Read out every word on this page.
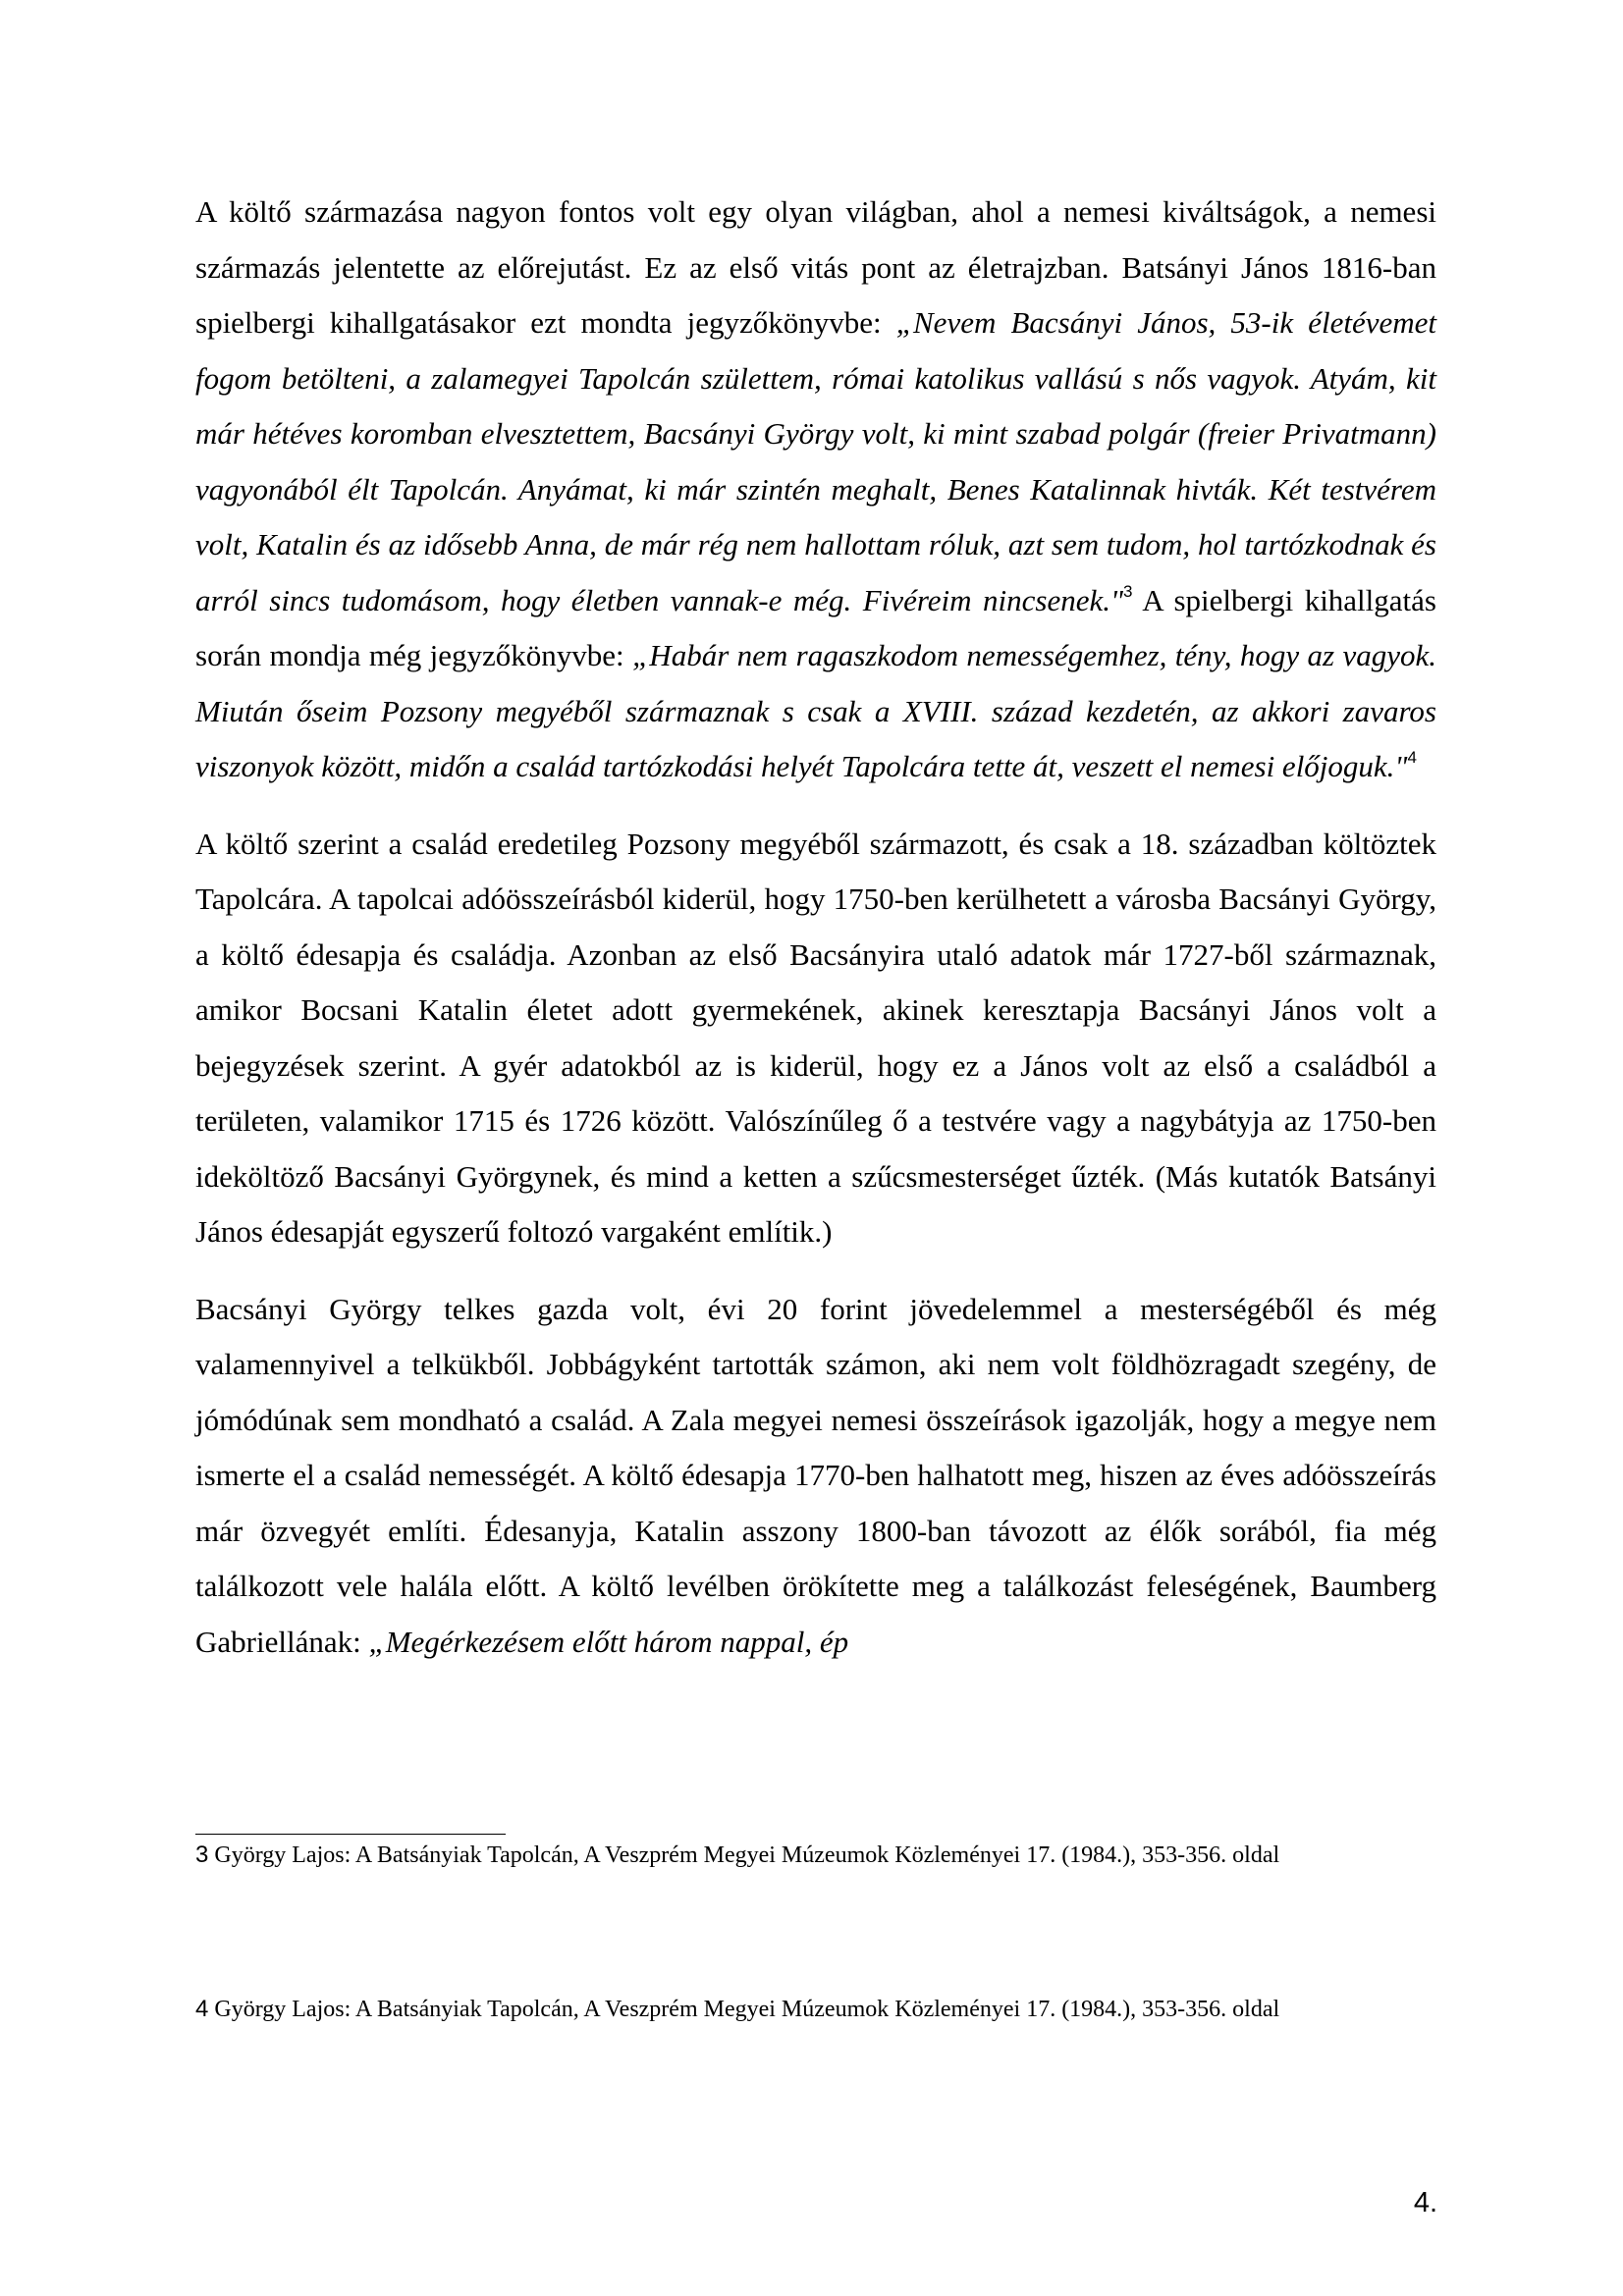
A költő származása nagyon fontos volt egy olyan világban, ahol a nemesi kiváltságok, a nemesi származás jelentette az előrejutást. Ez az első vitás pont az életrajzban. Batsányi János 1816-ban spielbergi kihallgatásakor ezt mondta jegyzőkönyvbe: „Nevem Bacsányi János, 53-ik életévemet fogom betölteni, a zalamegyei Tapolcán születtem, római katolikus vallású s nős vagyok. Atyám, kit már hétéves koromban elvesztettem, Bacsányi György volt, ki mint szabad polgár (freier Privatmann) vagyonából élt Tapolcán. Anyámat, ki már szintén meghalt, Benes Katalinnak hivták. Két testvérem volt, Katalin és az idősebb Anna, de már rég nem hallottam róluk, azt sem tudom, hol tartózkodnak és arról sincs tudomásom, hogy életben vannak-e még. Fivéreim nincsenek."$^3$ A spielbergi kihallgatás során mondja még jegyzőkönyvbe: „Habár nem ragaszkodom nemességemhez, tény, hogy az vagyok. Miután őseim Pozsony megyéből származnak s csak a XVIII. század kezdetén, az akkori zavaros viszonyok között, midőn a család tartózkodási helyét Tapolcára tette át, veszett el nemesi előjoguk."$^4$

A költő szerint a család eredetileg Pozsony megyéből származott, és csak a 18. században költöztek Tapolcára. A tapolcai adóösszeírásból kiderül, hogy 1750-ben kerülhetett a városba Bacsányi György, a költő édesapja és családja. Azonban az első Bacsányira utaló adatok már 1727-ből származnak, amikor Bocsani Katalin életet adott gyermekének, akinek keresztapja Bacsányi János volt a bejegyzések szerint. A gyér adatokból az is kiderül, hogy ez a János volt az első a családból a területen, valamikor 1715 és 1726 között. Valószínűleg ő a testvére vagy a nagybátyja az 1750-ben ideköltöző Bacsányi Györgynek, és mind a ketten a szűcsmesterséget űzték. (Más kutatók Batsányi János édesapját egyszerű foltozó vargaként említik.)

Bacsányi György telkes gazda volt, évi 20 forint jövedelemmel a mesterségéből és még valamennyivel a telkükből. Jobbágyként tartották számon, aki nem volt földhözragadt szegény, de jómódúnak sem mondható a család. A Zala megyei nemesi összeírások igazolják, hogy a megye nem ismerte el a család nemességét. A költő édesapja 1770-ben halhatott meg, hiszen az éves adóösszeírás már özvegyét említi. Édesanyja, Katalin asszony 1800-ban távozott az élők sorából, fia még találkozott vele halála előtt. A költő levélben örökítette meg a találkozást feleségének, Baumberg Gabriellának: „Megérkezésem előtt három nappal, ép

3 György Lajos: A Batsányiak Tapolcán, A Veszprém Megyei Múzeumok Közleményei 17. (1984.), 353-356. oldal

4 György Lajos: A Batsányiak Tapolcán, A Veszprém Megyei Múzeumok Közleményei 17. (1984.), 353-356. oldal

4.
